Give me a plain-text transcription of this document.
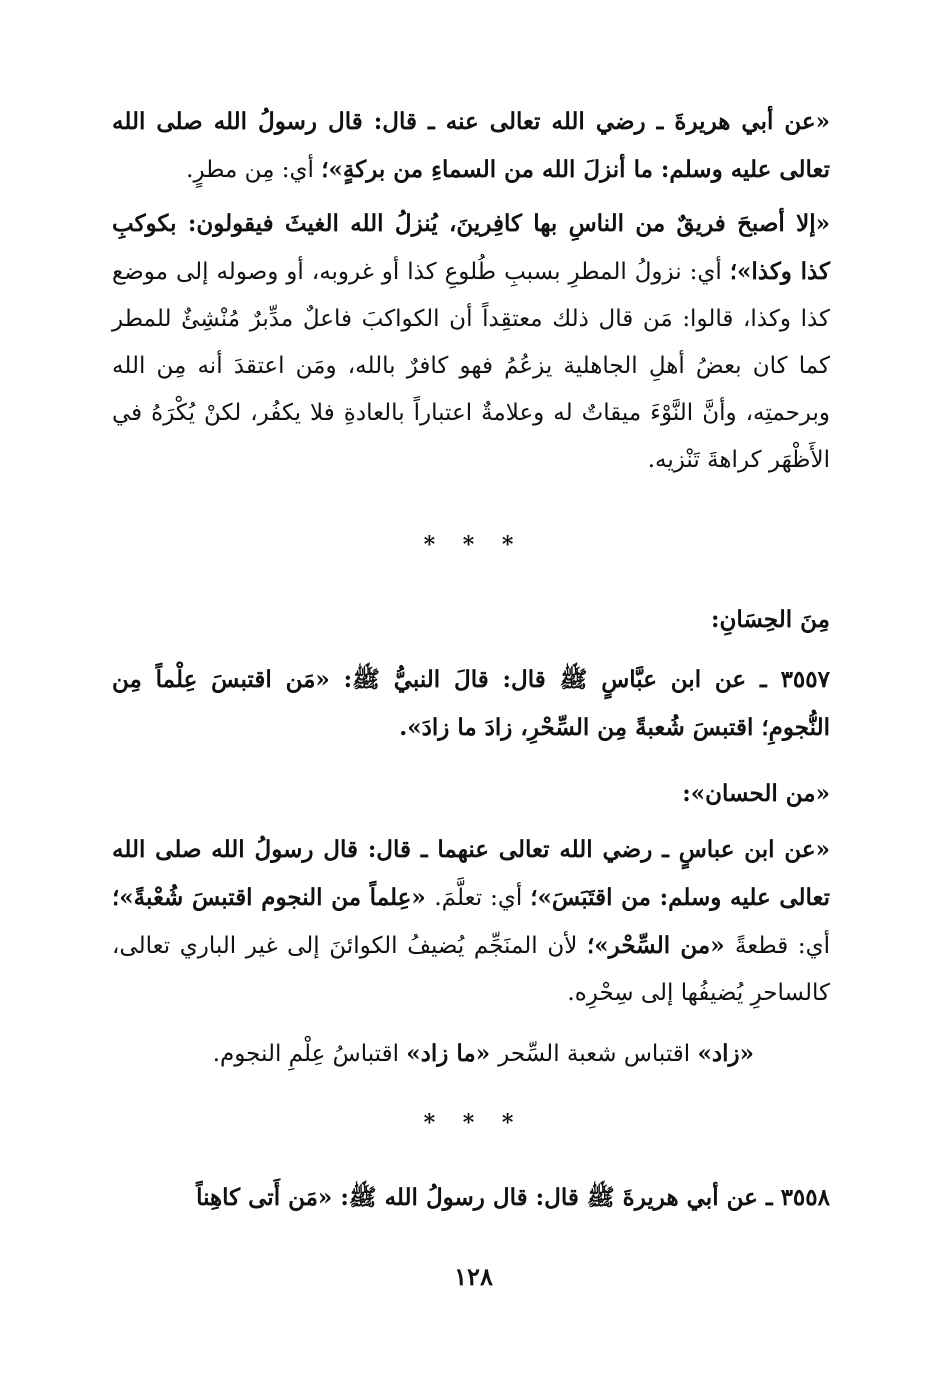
«عن أبي هريرةَ ـ رضي الله تعالى عنه ـ قال: قال رسولُ الله صلى الله تعالى عليه وسلم: ما أنزلَ الله من السماءِ من بركةٍ»؛ أي: مِن مطرٍ.
«إلا أصبحَ فريقٌ من الناسِ بها كافِرينَ، يُنزلُ الله الغيثَ فيقولون: بكوكبِ كذا وكذا»؛ أي: نزولُ المطرِ بسببِ طُلوعِ كذا أو غروبه، أو وصوله إلى موضع كذا وكذا، قالوا: مَن قال ذلك معتقِداً أن الكواكبَ فاعلٌ مدِّبرٌ مُنْشِئٌ للمطر كما كان بعضُ أهلِ الجاهلية يزعُمُ فهو كافرٌ بالله، ومَن اعتقدَ أنه مِن الله وبرحمتِه، وأنَّ النَّوْءَ ميقاتٌ له وعلامةٌ اعتباراً بالعادةِ فلا يكفُر، لكنْ يُكْرَهُ في الأَظْهَر كراهةَ تَنْزيه.
* * *
مِنَ الحِسَانِ:
٣٥٥٧ ـ عن ابن عبَّاسٍ ﷺ قال: قالَ النبيُّ ﷺ: «مَن اقتبسَ عِلْماً مِن النُّجومِ؛ اقتبسَ شُعبةً مِن السِّحْرِ، زادَ ما زادَ».
«من الحسان»:
«عن ابن عباسٍ ـ رضي الله تعالى عنهما ـ قال: قال رسولُ الله صلى الله تعالى عليه وسلم: من اقتَبَسَ»؛ أي: تعلَّمَ. «عِلماً من النجوم اقتبسَ شُعْبةً»؛ أي: قطعةً «من السِّحْر»؛ لأن المنَجِّم يُضيفُ الكوائنَ إلى غير الباري تعالى، كالساحرِ يُضيفُها إلى سِحْرِه.
«زاد» اقتباس شعبة السِّحر «ما زاد» اقتباسُ عِلْمِ النجوم.
* * *
٣٥٥٨ ـ عن أبي هريرةَ ﷺ قال: قال رسولُ الله ﷺ: «مَن أَتى كاهِناً
١٢٨
